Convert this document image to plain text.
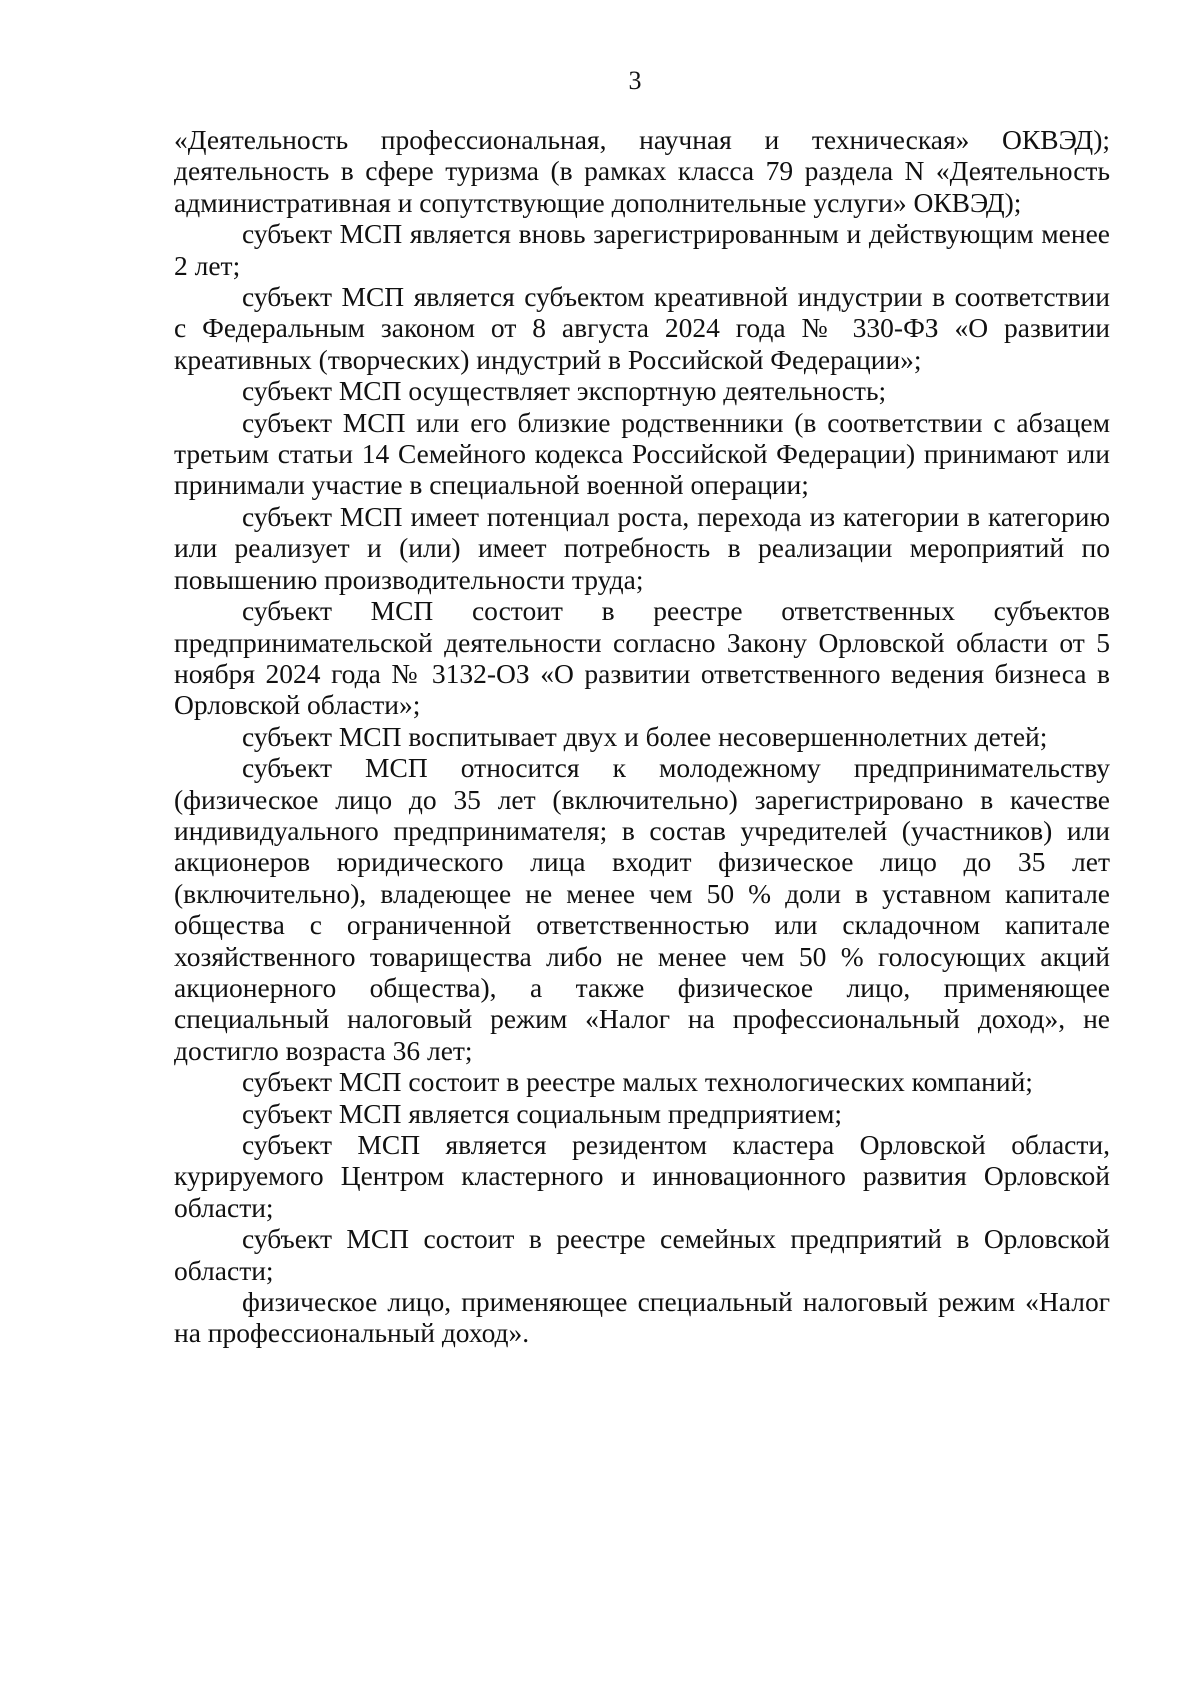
3

«Деятельность профессиональная, научная и техническая» ОКВЭД); деятельность в сфере туризма (в рамках класса 79 раздела N «Деятельность административная и сопутствующие дополнительные услуги» ОКВЭД);

субъект МСП является вновь зарегистрированным и действующим менее 2 лет;

субъект МСП является субъектом креативной индустрии в соответствии с Федеральным законом от 8 августа 2024 года № 330-ФЗ «О развитии креативных (творческих) индустрий в Российской Федерации»;

субъект МСП осуществляет экспортную деятельность;

субъект МСП или его близкие родственники (в соответствии с абзацем третьим статьи 14 Семейного кодекса Российской Федерации) принимают или принимали участие в специальной военной операции;

субъект МСП имеет потенциал роста, перехода из категории в категорию или реализует и (или) имеет потребность в реализации мероприятий по повышению производительности труда;

субъект МСП состоит в реестре ответственных субъектов предпринимательской деятельности согласно Закону Орловской области от 5 ноября 2024 года № 3132-ОЗ «О развитии ответственного ведения бизнеса в Орловской области»;

субъект МСП воспитывает двух и более несовершеннолетних детей;

субъект МСП относится к молодежному предпринимательству (физическое лицо до 35 лет (включительно) зарегистрировано в качестве индивидуального предпринимателя; в состав учредителей (участников) или акционеров юридического лица входит физическое лицо до 35 лет (включительно), владеющее не менее чем 50 % доли в уставном капитале общества с ограниченной ответственностью или складочном капитале хозяйственного товарищества либо не менее чем 50 % голосующих акций акционерного общества), а также физическое лицо, применяющее специальный налоговый режим «Налог на профессиональный доход», не достигло возраста 36 лет;

субъект МСП состоит в реестре малых технологических компаний;

субъект МСП является социальным предприятием;

субъект МСП является резидентом кластера Орловской области, курируемого Центром кластерного и инновационного развития Орловской области;

субъект МСП состоит в реестре семейных предприятий в Орловской области;

физическое лицо, применяющее специальный налоговый режим «Налог на профессиональный доход».
